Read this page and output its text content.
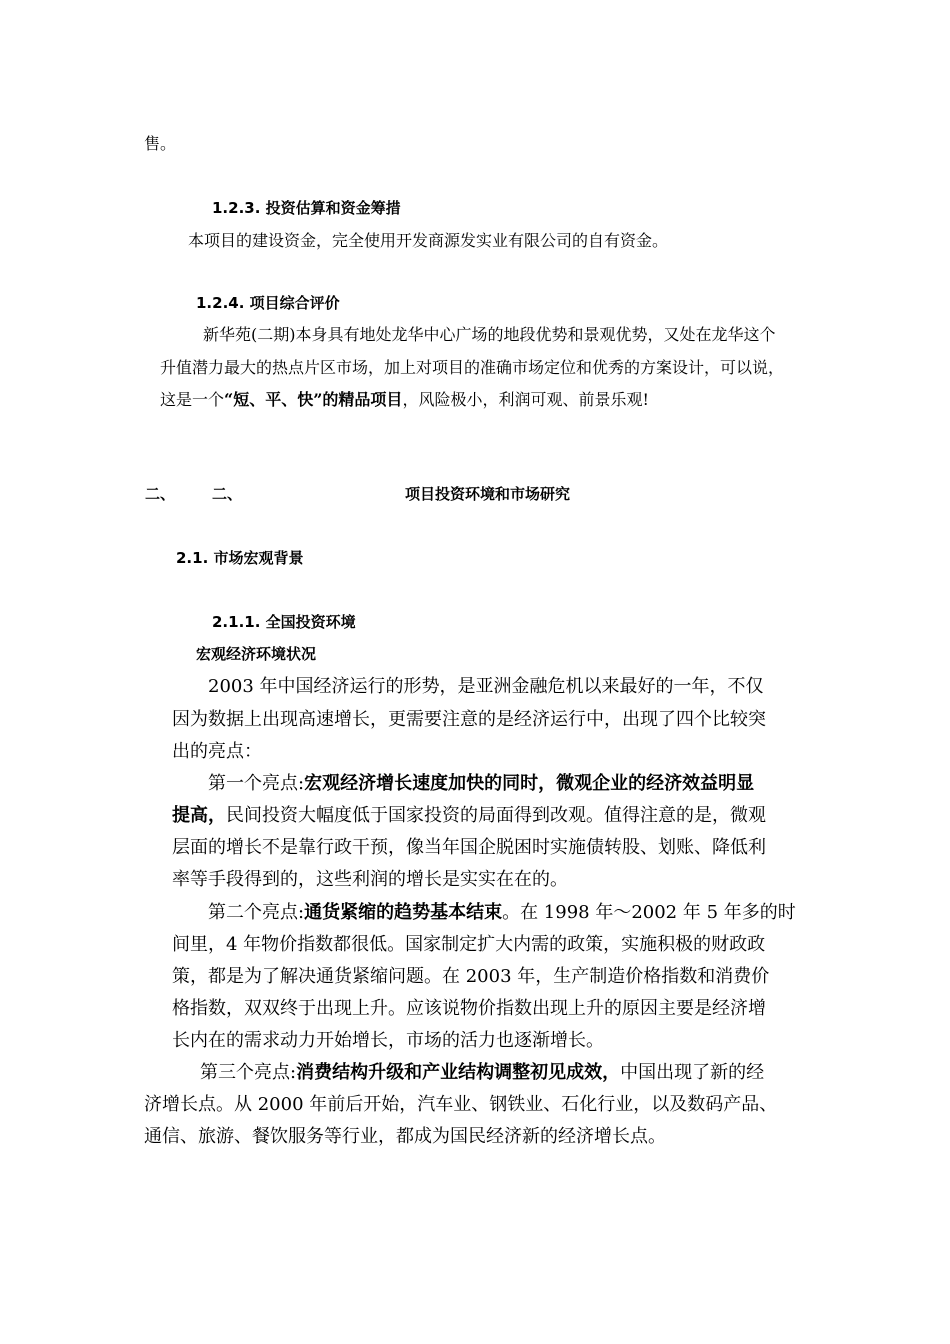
售。
1.2.3. 投资估算和资金筹措
本项目的建设资金，完全使用开发商源发实业有限公司的自有资金。
1.2.4. 项目综合评价
新华苑(二期)本身具有地处龙华中心广场的地段优势和景观优势，又处在龙华这个
升值潜力最大的热点片区市场，加上对项目的准确市场定位和优秀的方案设计，可以说，
这是一个“短、平、快”的精品项目，风险极小，利润可观、前景乐观!
二、 二、	项目投资环境和市场研究
2.1. 市场宏观背景
2.1.1. 全国投资环境
宏观经济环境状况
2003 年中国经济运行的形势，是亚洲金融危机以来最好的一年，不仅
因为数据上出现高速增长，更需要注意的是经济运行中，出现了四个比较突
出的亮点：
第一个亮点:宏观经济增长速度加快的同时，微观企业的经济效益明显
提高，民间投资大幅度低于国家投资的局面得到改观。值得注意的是，微观
层面的增长不是靠行政干预，像当年国企脱困时实施债转股、划账、降低利
率等手段得到的，这些利润的增长是实实在在的。
第二个亮点:通货紧缩的趋势基本结束。在 1998 年～2002 年 5 年多的时
间里，4 年物价指数都很低。国家制定扩大内需的政策，实施积极的财政政
策，都是为了解决通货紧缩问题。在 2003 年，生产制造价格指数和消费价
格指数，双双终于出现上升。应该说物价指数出现上升的原因主要是经济增
长内在的需求动力开始增长，市场的活力也逐渐增长。
第三个亮点:消费结构升级和产业结构调整初见成效，中国出现了新的经
济增长点。从 2000 年前后开始，汽车业、钢铁业、石化行业，以及数码产品、
通信、旅游、餐饮服务等行业，都成为国民经济新的经济增长点。
